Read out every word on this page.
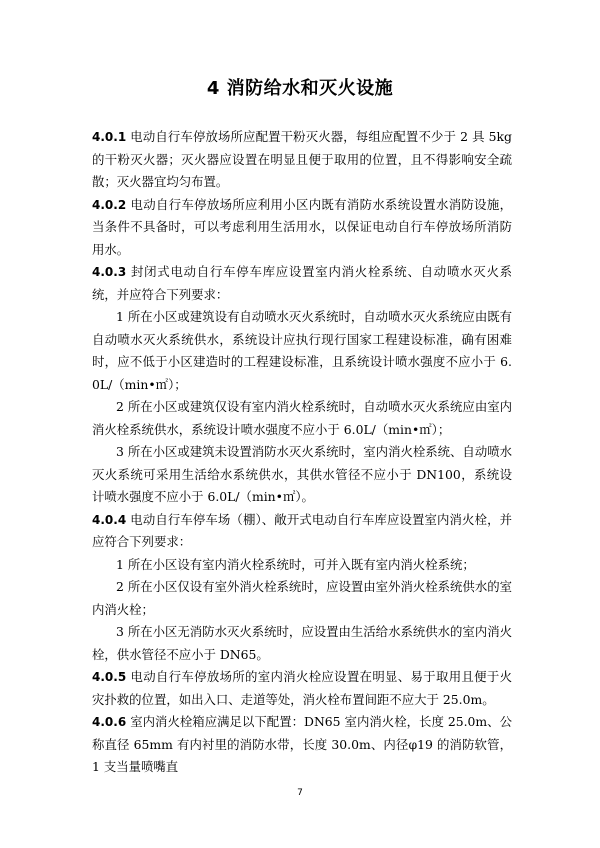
4 消防给水和灭火设施

4.0.1 电动自行车停放场所应配置干粉灭火器，每组应配置不少于 2 具 5kg 的干粉灭火器；灭火器应设置在明显且便于取用的位置，且不得影响安全疏散；灭火器宜均匀布置。

4.0.2 电动自行车停放场所应利用小区内既有消防水系统设置水消防设施，当条件不具备时，可以考虑利用生活用水，以保证电动自行车停放场所消防用水。

4.0.3 封闭式电动自行车停车库应设置室内消火栓系统、自动喷水灭火系统，并应符合下列要求：

1 所在小区或建筑设有自动喷水灭火系统时，自动喷水灭火系统应由既有自动喷水灭火系统供水，系统设计应执行现行国家工程建设标准，确有困难时，应不低于小区建造时的工程建设标准，且系统设计喷水强度不应小于 6.0L/（min•㎡）；

2 所在小区或建筑仅设有室内消火栓系统时，自动喷水灭火系统应由室内消火栓系统供水，系统设计喷水强度不应小于 6.0L/（min•㎡）；

3 所在小区或建筑未设置消防水灭火系统时，室内消火栓系统、自动喷水灭火系统可采用生活给水系统供水，其供水管径不应小于 DN100，系统设计喷水强度不应小于 6.0L/（min•㎡）。

4.0.4 电动自行车停车场（棚）、敞开式电动自行车库应设置室内消火栓，并应符合下列要求：

1 所在小区设有室内消火栓系统时，可并入既有室内消火栓系统；

2 所在小区仅设有室外消火栓系统时，应设置由室外消火栓系统供水的室内消火栓；

3 所在小区无消防水灭火系统时，应设置由生活给水系统供水的室内消火栓，供水管径不应小于 DN65。

4.0.5 电动自行车停放场所的室内消火栓应设置在明显、易于取用且便于火灾扑救的位置，如出入口、走道等处，消火栓布置间距不应大于 25.0m。

4.0.6 室内消火栓箱应满足以下配置：DN65 室内消火栓，长度 25.0m、公称直径 65mm 有内衬里的消防水带，长度 30.0m、内径φ19 的消防软管，1 支当量喷嘴直

7
